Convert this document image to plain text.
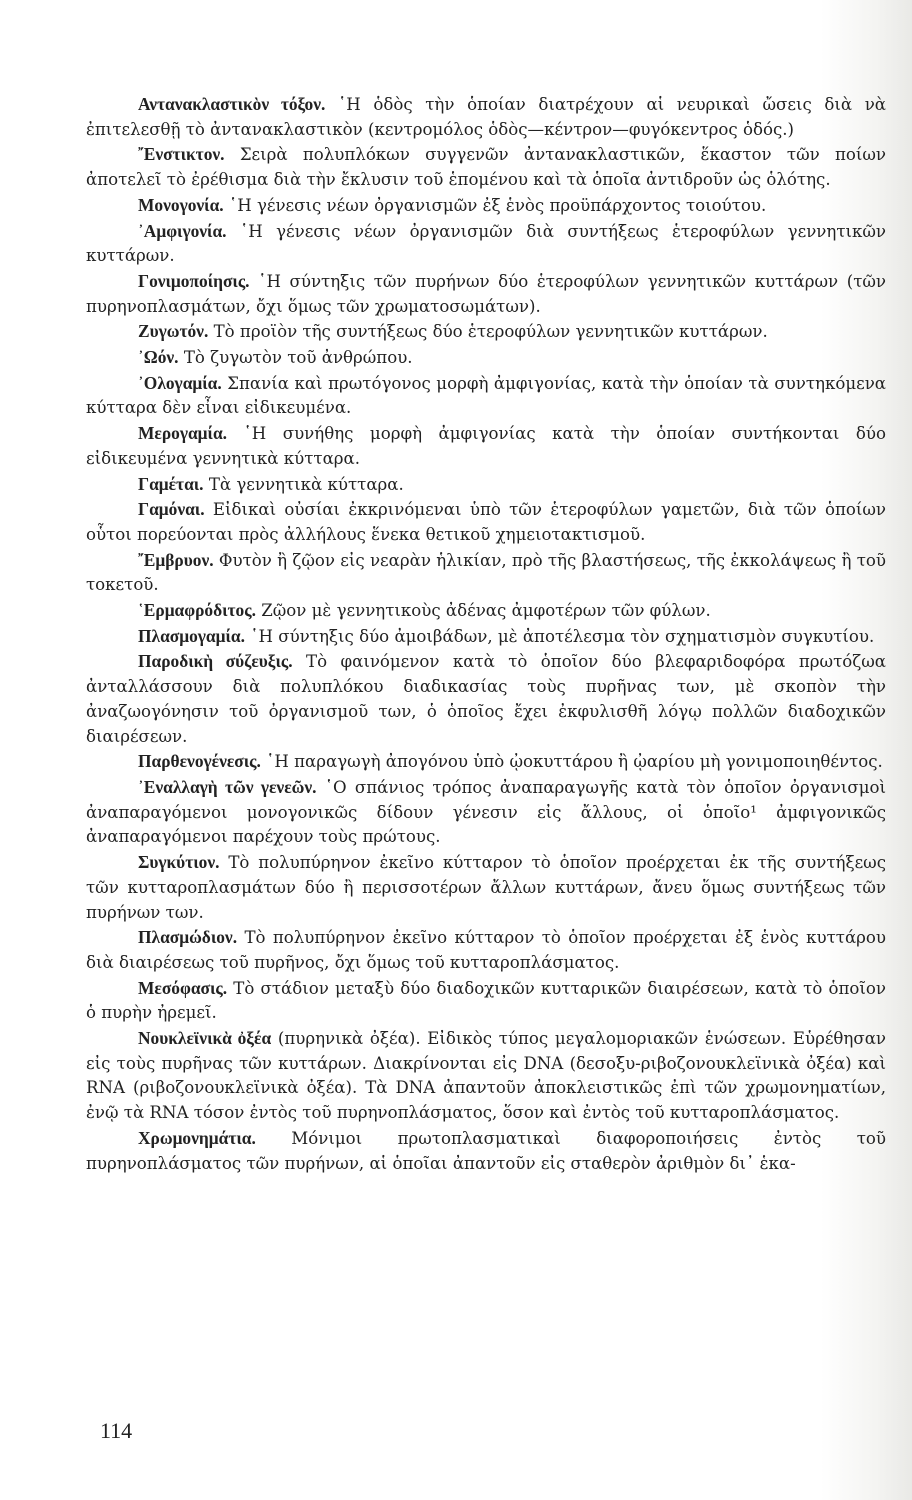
Αντανακλαστικὸν τόξον. ῾Η ὁδὸς τὴν ὁποίαν διατρέχουν αἱ νευρικαὶ ὤσεις διὰ νὰ ἐπιτελεσθῇ τὸ ἀντανακλαστικὸν (κεντρομόλος ὁδὸς—κέντρον—φυγόκεντρος ὁδός.)

῎Ενστικτον. Σειρὰ πολυπλόκων συγγενῶν ἀντανακλαστικῶν, ἕκαστον τῶν ποίων ἀποτελεῖ τὸ ἐρέθισμα διὰ τὴν ἔκλυσιν τοῦ ἑπομένου καὶ τὰ ὁποῖα ἀντιδροῦν ὡς ὁλότης.

Μονογονία. ῾Η γένεσις νέων ὀργανισμῶν ἐξ ἑνὸς προϋπάρχοντος τοιούτου.

᾿Αμφιγονία. ῾Η γένεσις νέων ὀργανισμῶν διὰ συντήξεως ἑτεροφύλων γεννητικῶν κυττάρων.

Γονιμοποίησις. ῾Η σύντηξις τῶν πυρήνων δύο ἑτεροφύλων γεννητικῶν κυττάρων (τῶν πυρηνοπλασμάτων, ὄχι ὅμως τῶν χρωματοσωμάτων).

Ζυγωτόν. Τὸ προϊὸν τῆς συντήξεως δύο ἑτεροφύλων γεννητικῶν κυττάρων.

᾿Ωόν. Τὸ ζυγωτὸν τοῦ ἀνθρώπου.

᾿Ολογαμία. Σπανία καὶ πρωτόγονος μορφὴ ἀμφιγονίας, κατὰ τὴν ὁποίαν τὰ συντηκόμενα κύτταρα δὲν εἶναι εἰδικευμένα.

Μερογαμία. ῾Η συνήθης μορφὴ ἀμφιγονίας κατὰ τὴν ὁποίαν συντήκονται δύο εἰδικευμένα γεννητικὰ κύτταρα.

Γαμέται. Τὰ γεννητικὰ κύτταρα.

Γαμόναι. Εἰδικαὶ οὐσίαι ἐκκρινόμεναι ὑπὸ τῶν ἑτεροφύλων γαμετῶν, διὰ τῶν ὁποίων οὗτοι πορεύονται πρὸς ἀλλήλους ἕνεκα θετικοῦ χημειοτακτισμοῦ.

῎Εμβρυον. Φυτὸν ἢ ζῷον εἰς νεαρὰν ἡλικίαν, πρὸ τῆς βλαστήσεως, τῆς ἐκκολάψεως ἢ τοῦ τοκετοῦ.

῾Ερμαφρόδιτος. Ζῷον μὲ γεννητικοὺς ἀδένας ἀμφοτέρων τῶν φύλων.

Πλασμογαμία. ῾Η σύντηξις δύο ἀμοιβάδων, μὲ ἀποτέλεσμα τὸν σχηματισμὸν συγκυτίου.

Παροδικὴ σύζευξις. Τὸ φαινόμενον κατὰ τὸ ὁποῖον δύο βλεφαριδοφόρα πρωτόζωα ἀνταλλάσσουν διὰ πολυπλόκου διαδικασίας τοὺς πυρῆνας των, μὲ σκοπὸν τὴν ἀναζωογόνησιν τοῦ ὀργανισμοῦ των, ὁ ὁποῖος ἔχει ἐκφυλισθῆ λόγῳ πολλῶν διαδοχικῶν διαιρέσεων.

Παρθενογένεσις. ῾Η παραγωγὴ ἀπογόνου ὑπὸ ᾠοκυττάρου ἢ ᾠαρίου μὴ γονιμοποιηθέντος.

᾿Εναλλαγὴ τῶν γενεῶν. ῾Ο σπάνιος τρόπος ἀναπαραγωγῆς κατὰ τὸν ὁποῖον ὀργανισμοὶ ἀναπαραγόμενοι μονογονικῶς δίδουν γένεσιν εἰς ἄλλους, οἱ ὁποῖο¹ ἀμφιγονικῶς ἀναπαραγόμενοι παρέχουν τοὺς πρώτους.

Συγκύτιον. Τὸ πολυπύρηνον ἐκεῖνο κύτταρον τὸ ὁποῖον προέρχεται ἐκ τῆς συντήξεως τῶν κυτταροπλασμάτων δύο ἢ περισσοτέρων ἄλλων κυττάρων, ἄνευ ὅμως συντήξεως τῶν πυρήνων των.

Πλασμώδιον. Τὸ πολυπύρηνον ἐκεῖνο κύτταρον τὸ ὁποῖον προέρχεται ἐξ ἑνὸς κυττάρου διὰ διαιρέσεως τοῦ πυρῆνος, ὄχι ὅμως τοῦ κυτταροπλάσματος.

Μεσόφασις. Τὸ στάδιον μεταξὺ δύο διαδοχικῶν κυτταρικῶν διαιρέσεων, κατὰ τὸ ὁποῖον ὁ πυρὴν ἠρεμεῖ.

Νουκλεϊνικὰ ὀξέα (πυρηνικὰ ὀξέα). Εἰδικὸς τύπος μεγαλομοριακῶν ἑνώσεων. Εὑρέθησαν εἰς τοὺς πυρῆνας τῶν κυττάρων. Διακρίνονται εἰς DNA (δεσοξυ-ριβοζονουκλεϊνικὰ ὀξέα) καὶ RNA (ριβοζονουκλεϊνικὰ ὀξέα). Τὰ DNA ἀπαντοῦν ἀποκλειστικῶς ἐπὶ τῶν χρωμονηματίων, ἐνῷ τὰ RNA τόσον ἐντὸς τοῦ πυρηνοπλάσματος, ὅσον καὶ ἐντὸς τοῦ κυτταροπλάσματος.

Χρωμονημάτια. Μόνιμοι πρωτοπλασματικαὶ διαφοροποιήσεις ἐντὸς τοῦ πυρηνοπλάσματος τῶν πυρήνων, αἱ ὁποῖαι ἀπαντοῦν εἰς σταθερὸν ἀριθμὸν δι᾿ ἑκα-

114
